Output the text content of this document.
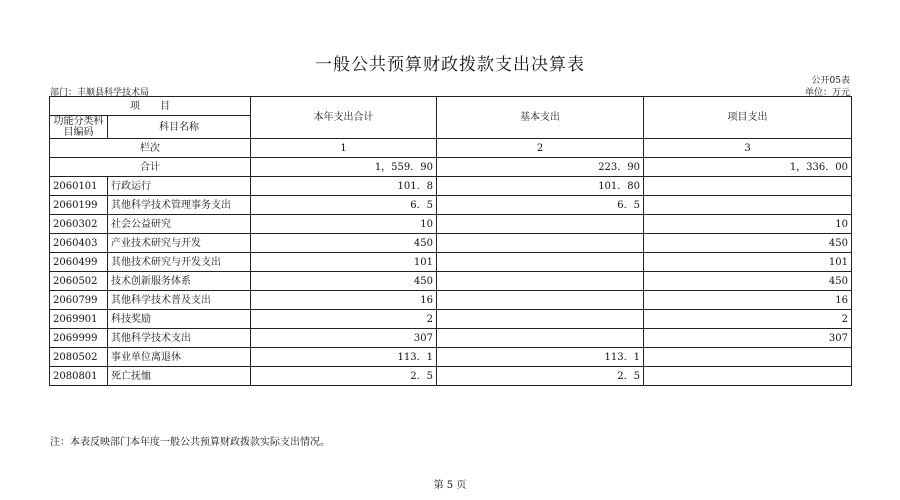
一般公共预算财政拨款支出决算表
公开05表
部门：丰顺县科学技术局	单位：万元
项　　目		本年支出合计	基本支出	项目支出
功能分类科目编码	科目名称			
栏次		1	2	3
合计		1，559．90	223．90	1，336．00
2060101	行政运行	101．8	101．80	
2060199	其他科学技术管理事务支出	6．5	6．5	
2060302	社会公益研究	10		10
2060403	产业技术研究与开发	450		450
2060499	其他技术研究与开发支出	101		101
2060502	技术创新服务体系	450		450
2060799	其他科学技术普及支出	16		16
2069901	科技奖励	2		2
2069999	其他科学技术支出	307		307
2080502	事业单位离退休	113．1	113．1	
2080801	死亡抚恤	2．5	2．5	
注：本表反映部门本年度一般公共预算财政拨款实际支出情况。
第 5 页
